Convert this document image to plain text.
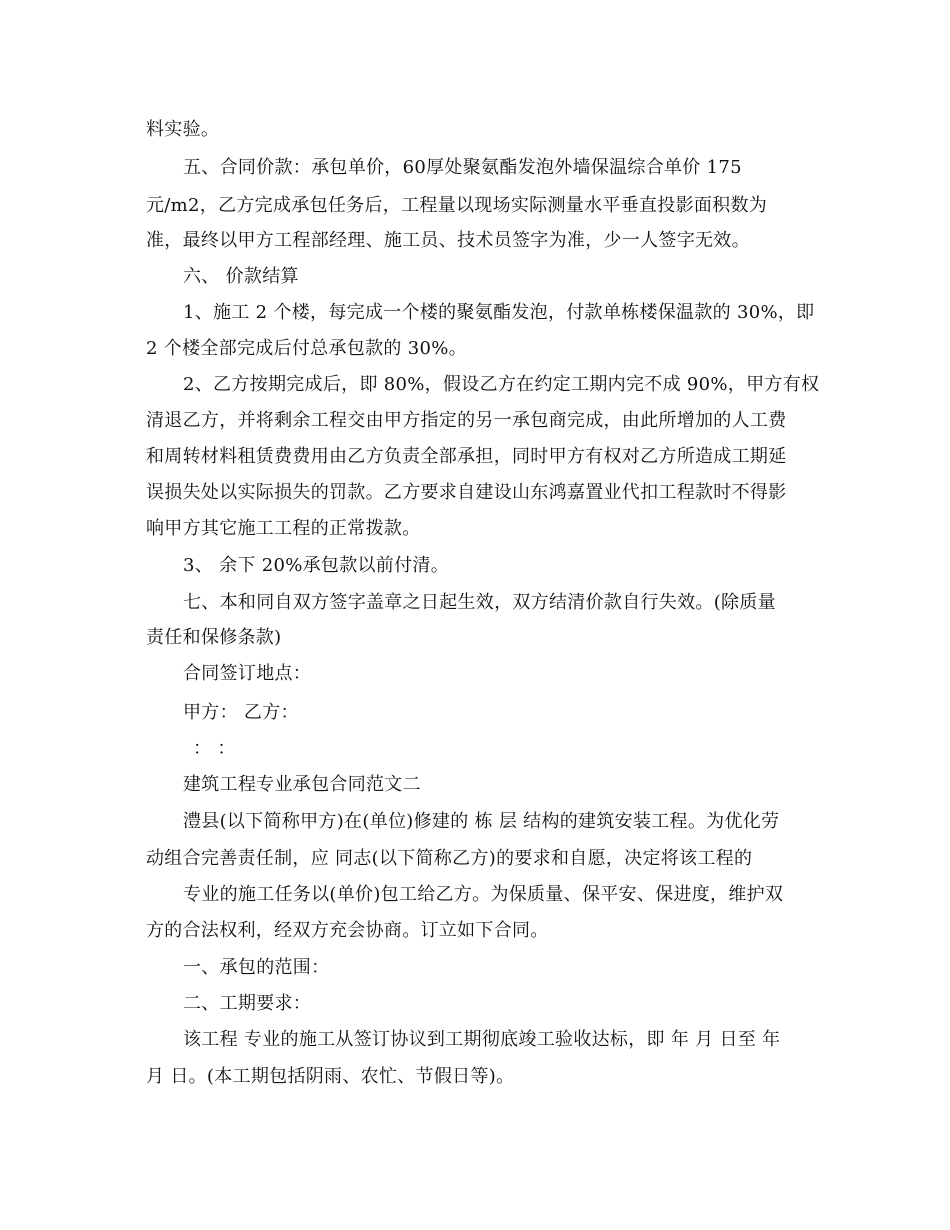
料实验。
五、合同价款：承包单价，60厚处聚氨酯发泡外墙保温综合单价 175
元/m2，乙方完成承包任务后，工程量以现场实际测量水平垂直投影面积数为
准，最终以甲方工程部经理、施工员、技术员签字为准，少一人签字无效。
六、 价款结算
1、施工 2 个楼，每完成一个楼的聚氨酯发泡，付款单栋楼保温款的 30%，即
2 个楼全部完成后付总承包款的 30%。
2、乙方按期完成后，即 80%，假设乙方在约定工期内完不成 90%，甲方有权
清退乙方，并将剩余工程交由甲方指定的另一承包商完成，由此所增加的人工费
和周转材料租赁费费用由乙方负责全部承担，同时甲方有权对乙方所造成工期延
误损失处以实际损失的罚款。乙方要求自建设山东鸿嘉置业代扣工程款时不得影
响甲方其它施工工程的正常拨款。
3、 余下 20%承包款以前付清。
七、本和同自双方签字盖章之日起生效，双方结清价款自行失效。(除质量
责任和保修条款)
合同签订地点：
甲方： 乙方：
： ：
建筑工程专业承包合同范文二
澧县(以下简称甲方)在(单位)修建的 栋 层 结构的建筑安装工程。为优化劳
动组合完善责任制，应 同志(以下简称乙方)的要求和自愿，决定将该工程的
专业的施工任务以(单价)包工给乙方。为保质量、保平安、保进度，维护双
方的合法权利，经双方充会协商。订立如下合同。
一、承包的范围：
二、工期要求：
该工程 专业的施工从签订协议到工期彻底竣工验收达标，即 年 月 日至 年
月 日。(本工期包括阴雨、农忙、节假日等)。
